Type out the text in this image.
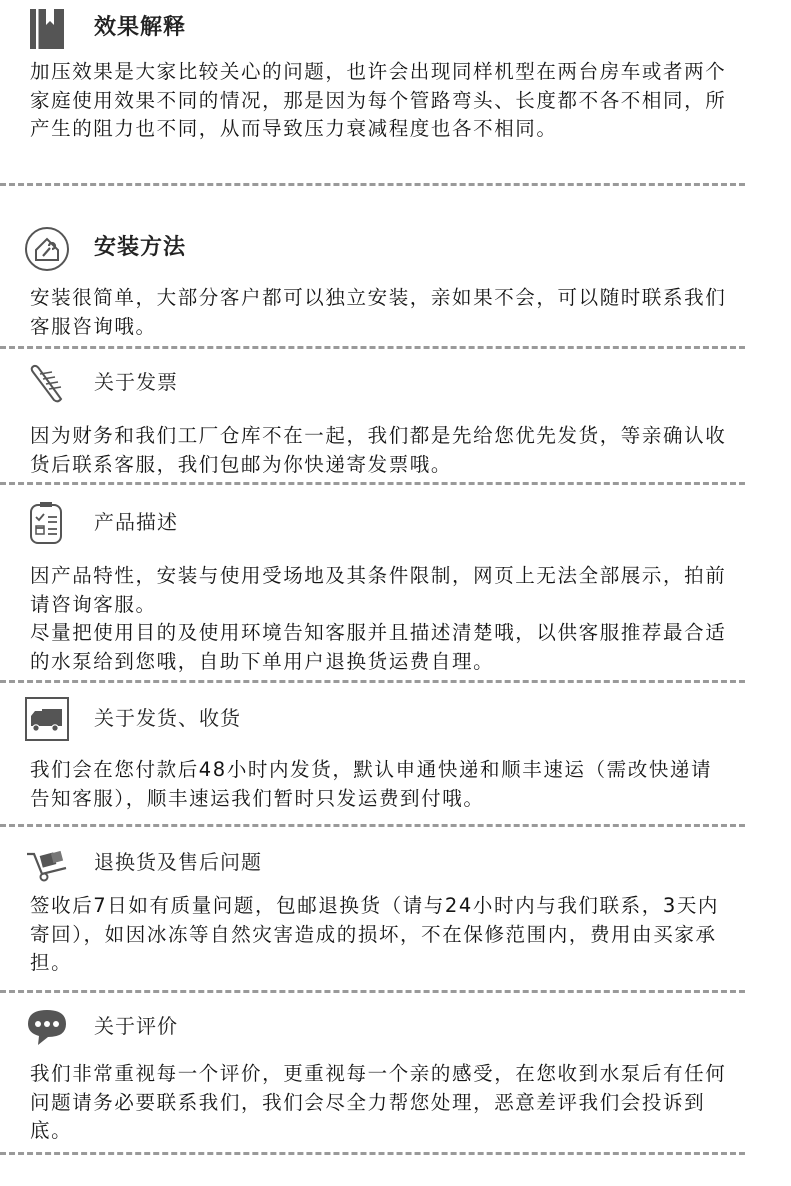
效果解释

加压效果是大家比较关心的问题，也许会出现同样机型在两台房车或者两个家庭使用效果不同的情况，那是因为每个管路弯头、长度都不各不相同，所产生的阻力也不同，从而导致压力衰减程度也各不相同。

安装方法

安装很简单，大部分客户都可以独立安装，亲如果不会，可以随时联系我们客服咨询哦。

关于发票

因为财务和我们工厂仓库不在一起，我们都是先给您优先发货，等亲确认收货后联系客服，我们包邮为你快递寄发票哦。

产品描述

因产品特性，安装与使用受场地及其条件限制，网页上无法全部展示，拍前请咨询客服。

尽量把使用目的及使用环境告知客服并且描述清楚哦，以供客服推荐最合适的水泵给到您哦，自助下单用户退换货运费自理。

关于发货、收货

我们会在您付款后48小时内发货，默认申通快递和顺丰速运（需改快递请告知客服），顺丰速运我们暂时只发运费到付哦。

退换货及售后问题

签收后7日如有质量问题，包邮退换货（请与24小时内与我们联系，3天内寄回），如因冰冻等自然灾害造成的损坏，不在保修范围内，费用由买家承担。

关于评价

我们非常重视每一个评价，更重视每一个亲的感受，在您收到水泵后有任何问题请务必要联系我们，我们会尽全力帮您处理，恶意差评我们会投诉到底。
